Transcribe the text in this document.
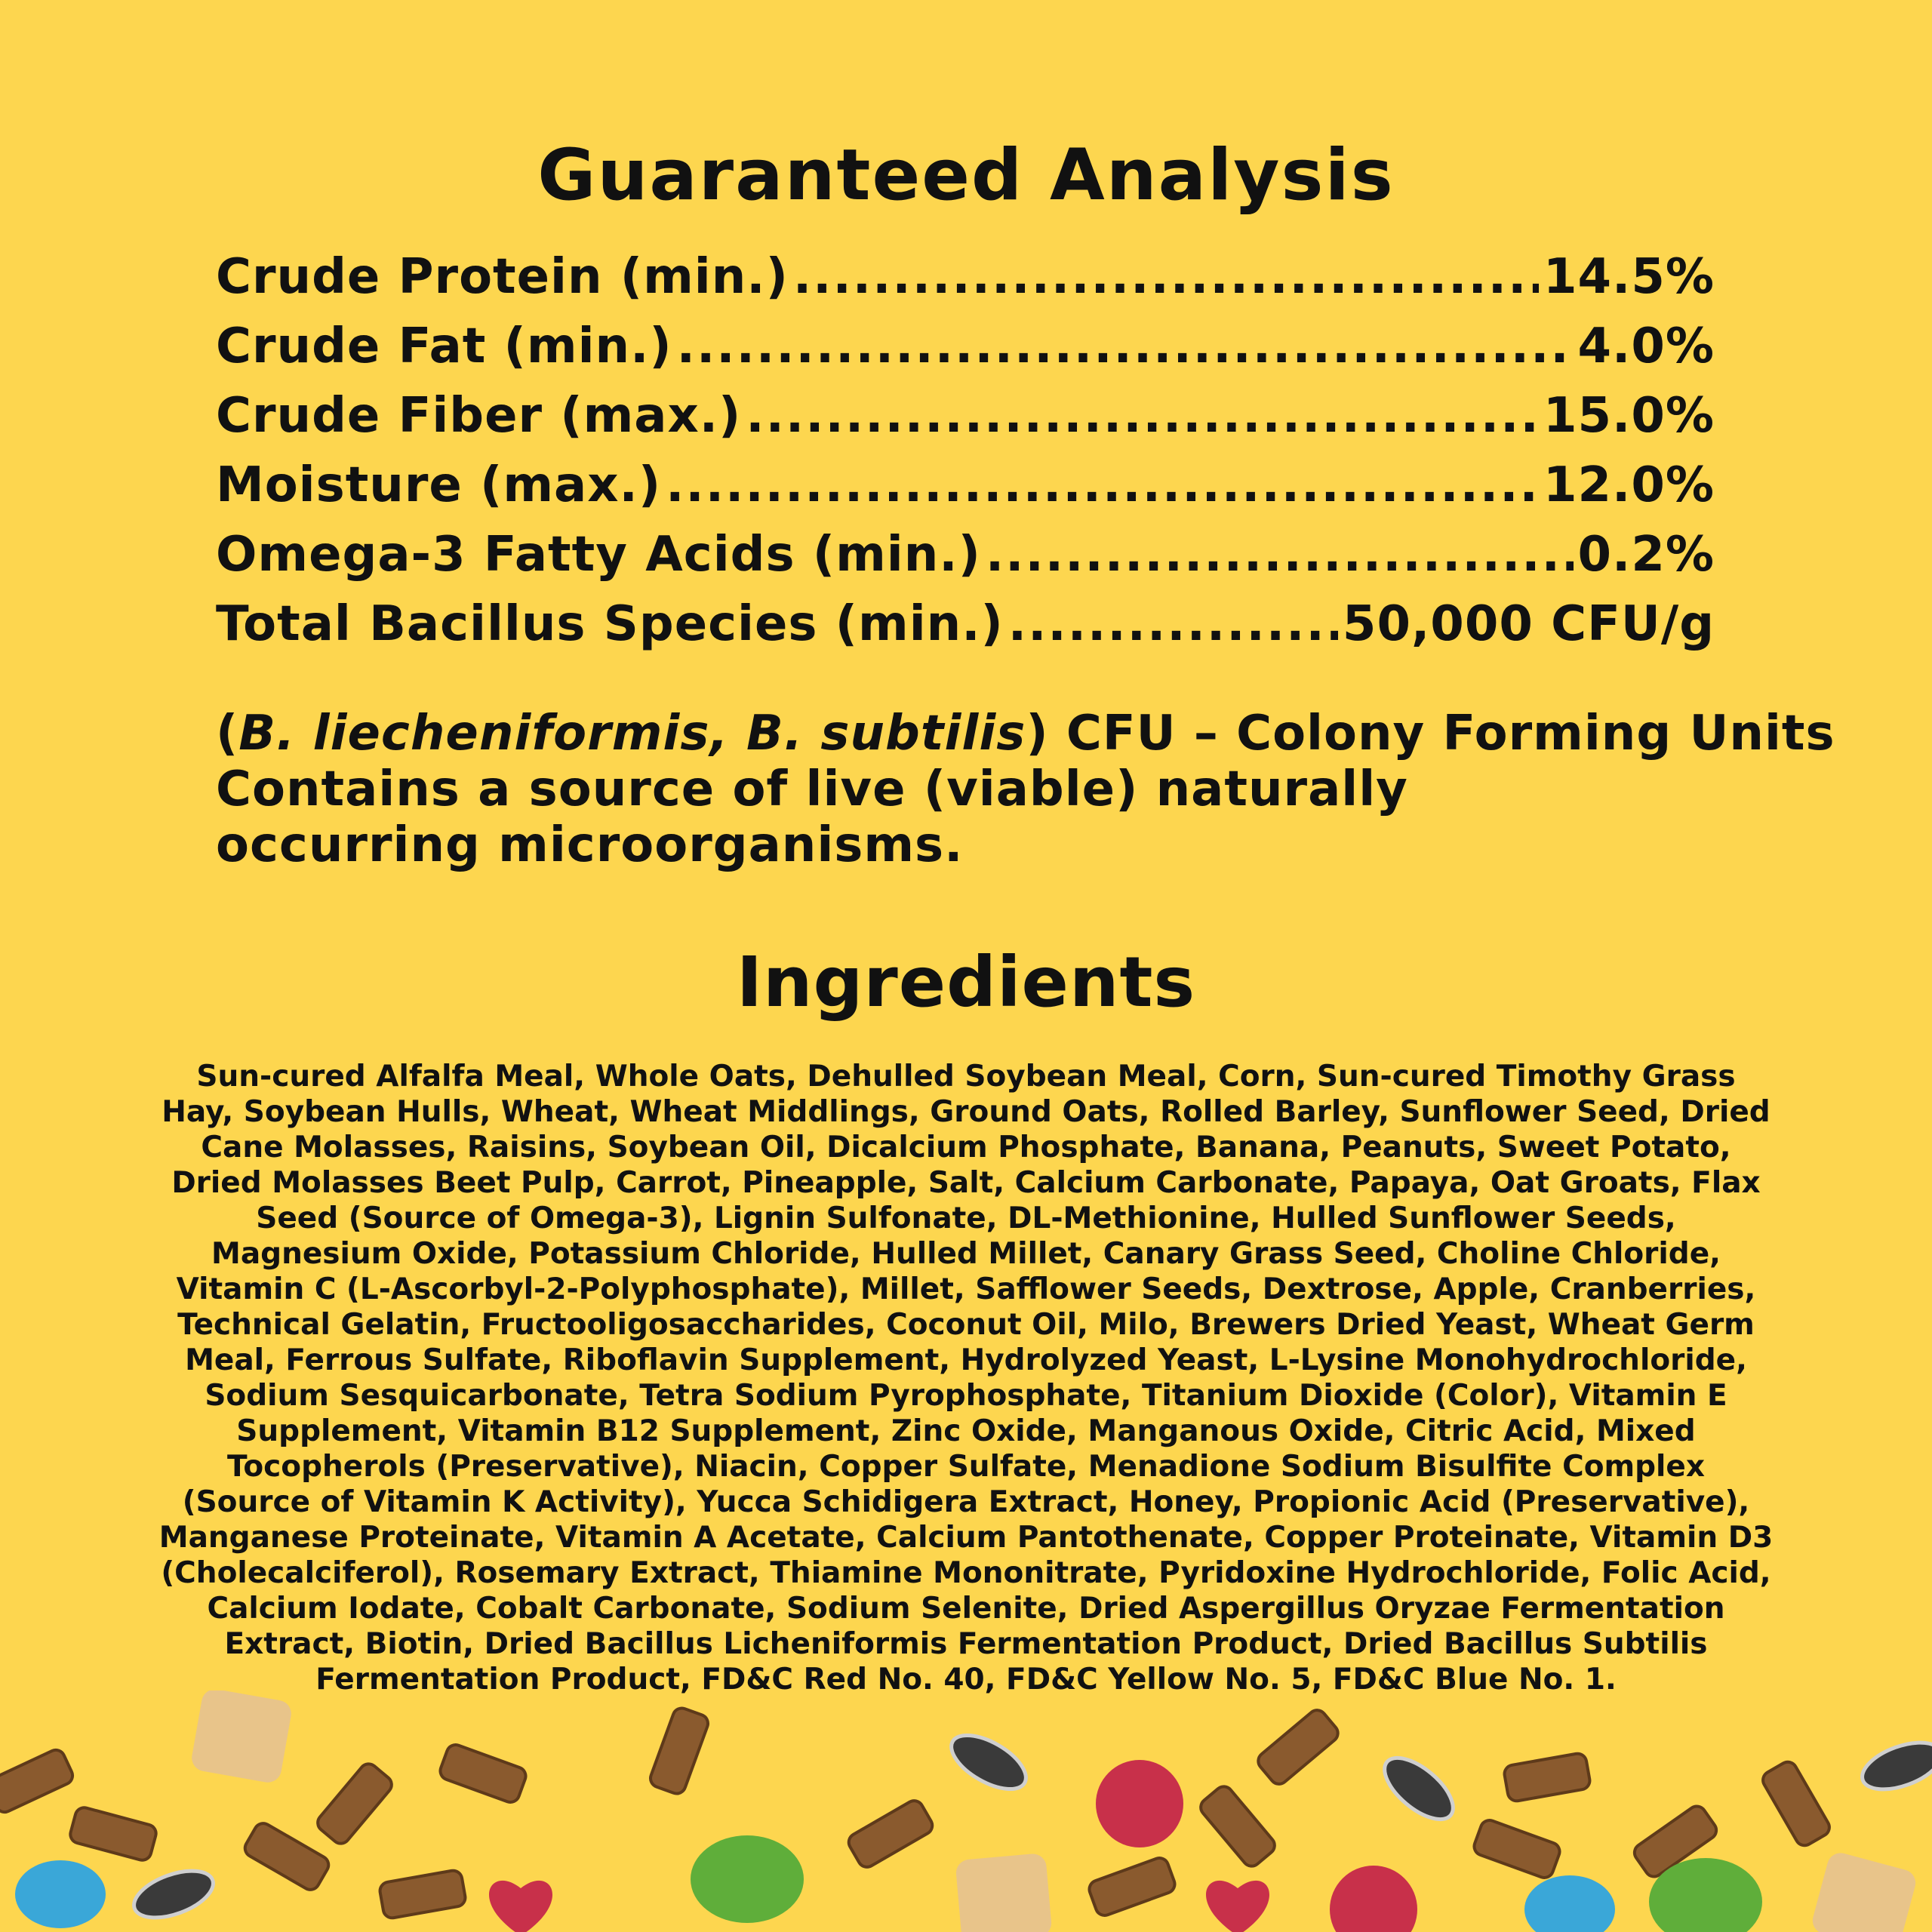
Guaranteed Analysis
Crude Protein (min.) .....	14.5%
Crude Fat (min.) .....	4.0%
Crude Fiber (max.) .....	15.0%
Moisture (max.) .....	12.0%
Omega-3 Fatty Acids (min.) .....	0.2%
Total Bacillus Species (min.) .....	50,000 CFU/g

(B. liecheniformis, B. subtilis) CFU – Colony Forming Units

Contains a source of live (viable) naturally

occurring microorganisms.

Ingredients

Sun-cured Alfalfa Meal, Whole Oats, Dehulled Soybean Meal, Corn, Sun-cured Timothy Grass Hay, Soybean Hulls, Wheat, Wheat Middlings, Ground Oats, Rolled Barley, Sunflower Seed, Dried Cane Molasses, Raisins, Soybean Oil, Dicalcium Phosphate, Banana, Peanuts, Sweet Potato, Dried Molasses Beet Pulp, Carrot, Pineapple, Salt, Calcium Carbonate, Papaya, Oat Groats, Flax Seed (Source of Omega-3), Lignin Sulfonate, DL-Methionine, Hulled Sunflower Seeds, Magnesium Oxide, Potassium Chloride, Hulled Millet, Canary Grass Seed, Choline Chloride, Vitamin C (L-Ascorbyl-2-Polyphosphate), Millet, Safflower Seeds, Dextrose, Apple, Cranberries, Technical Gelatin, Fructooligosaccharides, Coconut Oil, Milo, Brewers Dried Yeast, Wheat Germ Meal, Ferrous Sulfate, Riboflavin Supplement, Hydrolyzed Yeast, L-Lysine Monohydrochloride, Sodium Sesquicarbonate, Tetra Sodium Pyrophosphate, Titanium Dioxide (Color), Vitamin E Supplement, Vitamin B12 Supplement, Zinc Oxide, Manganous Oxide, Citric Acid, Mixed Tocopherols (Preservative), Niacin, Copper Sulfate, Menadione Sodium Bisulfite Complex (Source of Vitamin K Activity), Yucca Schidigera Extract, Honey, Propionic Acid (Preservative), Manganese Proteinate, Vitamin A Acetate, Calcium Pantothenate, Copper Proteinate, Vitamin D3 (Cholecalciferol), Rosemary Extract, Thiamine Mononitrate, Pyridoxine Hydrochloride, Folic Acid, Calcium Iodate, Cobalt Carbonate, Sodium Selenite, Dried Aspergillus Oryzae Fermentation Extract, Biotin, Dried Bacillus Licheniformis Fermentation Product, Dried Bacillus Subtilis Fermentation Product, FD&C Red No. 40, FD&C Yellow No. 5, FD&C Blue No. 1.
